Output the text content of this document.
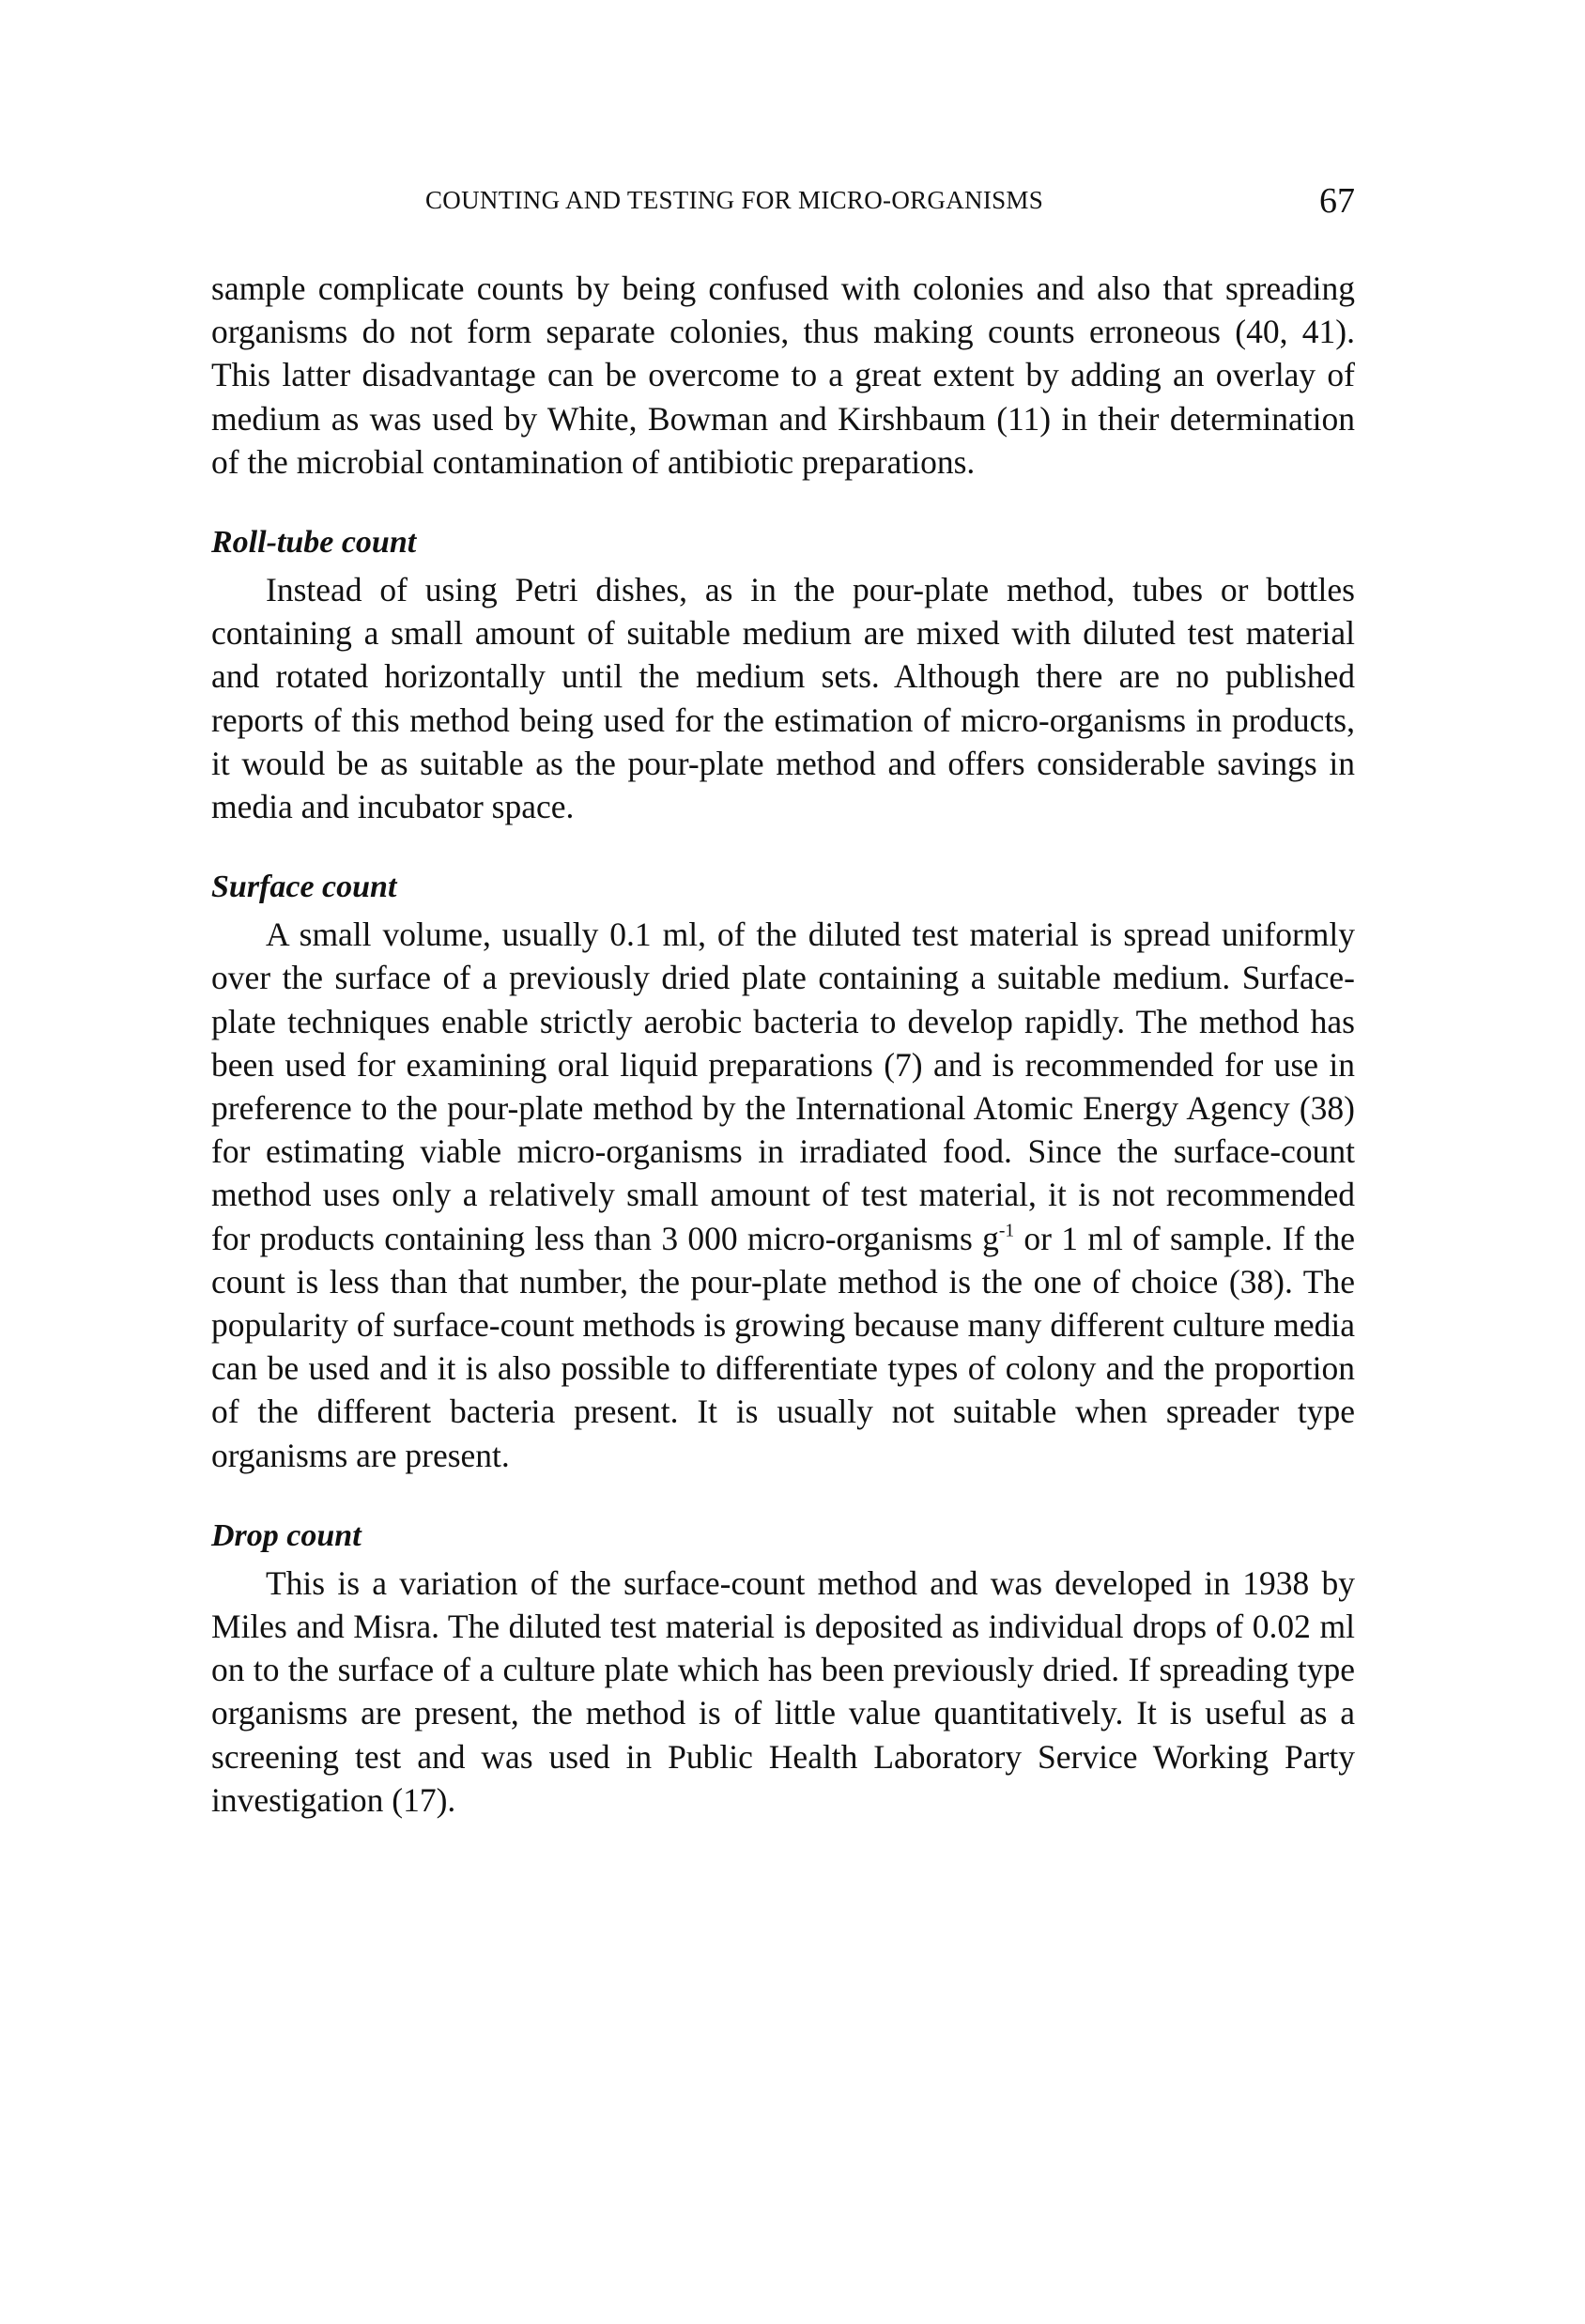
COUNTING AND TESTING FOR MICRO-ORGANISMS	67

sample complicate counts by being confused with colonies and also that spreading organisms do not form separate colonies, thus making counts erroneous (40, 41). This latter disadvantage can be overcome to a great extent by adding an overlay of medium as was used by White, Bowman and Kirshbaum (11) in their determination of the microbial contamination of antibiotic preparations.

Roll-tube count

Instead of using Petri dishes, as in the pour-plate method, tubes or bottles containing a small amount of suitable medium are mixed with diluted test material and rotated horizontally until the medium sets. Although there are no published reports of this method being used for the estimation of micro-organisms in products, it would be as suitable as the pour-plate method and offers considerable savings in media and incubator space.

Surface count

A small volume, usually 0.1 ml, of the diluted test material is spread uniformly over the surface of a previously dried plate containing a suitable medium. Surface-plate techniques enable strictly aerobic bacteria to develop rapidly. The method has been used for examining oral liquid preparations (7) and is recommended for use in preference to the pour-plate method by the International Atomic Energy Agency (38) for estimating viable micro-organisms in irradiated food. Since the surface-count method uses only a relatively small amount of test material, it is not recommended for products containing less than 3 000 micro-organisms $g^{-1}$ or 1 ml of sample. If the count is less than that number, the pour-plate method is the one of choice (38). The popularity of surface-count methods is growing because many different culture media can be used and it is also possible to differentiate types of colony and the proportion of the different bacteria present. It is usually not suitable when spreader type organisms are present.

Drop count

This is a variation of the surface-count method and was developed in 1938 by Miles and Misra. The diluted test material is deposited as individual drops of 0.02 ml on to the surface of a culture plate which has been previously dried. If spreading type organisms are present, the method is of little value quantitatively. It is useful as a screening test and was used in Public Health Laboratory Service Working Party investigation (17).
